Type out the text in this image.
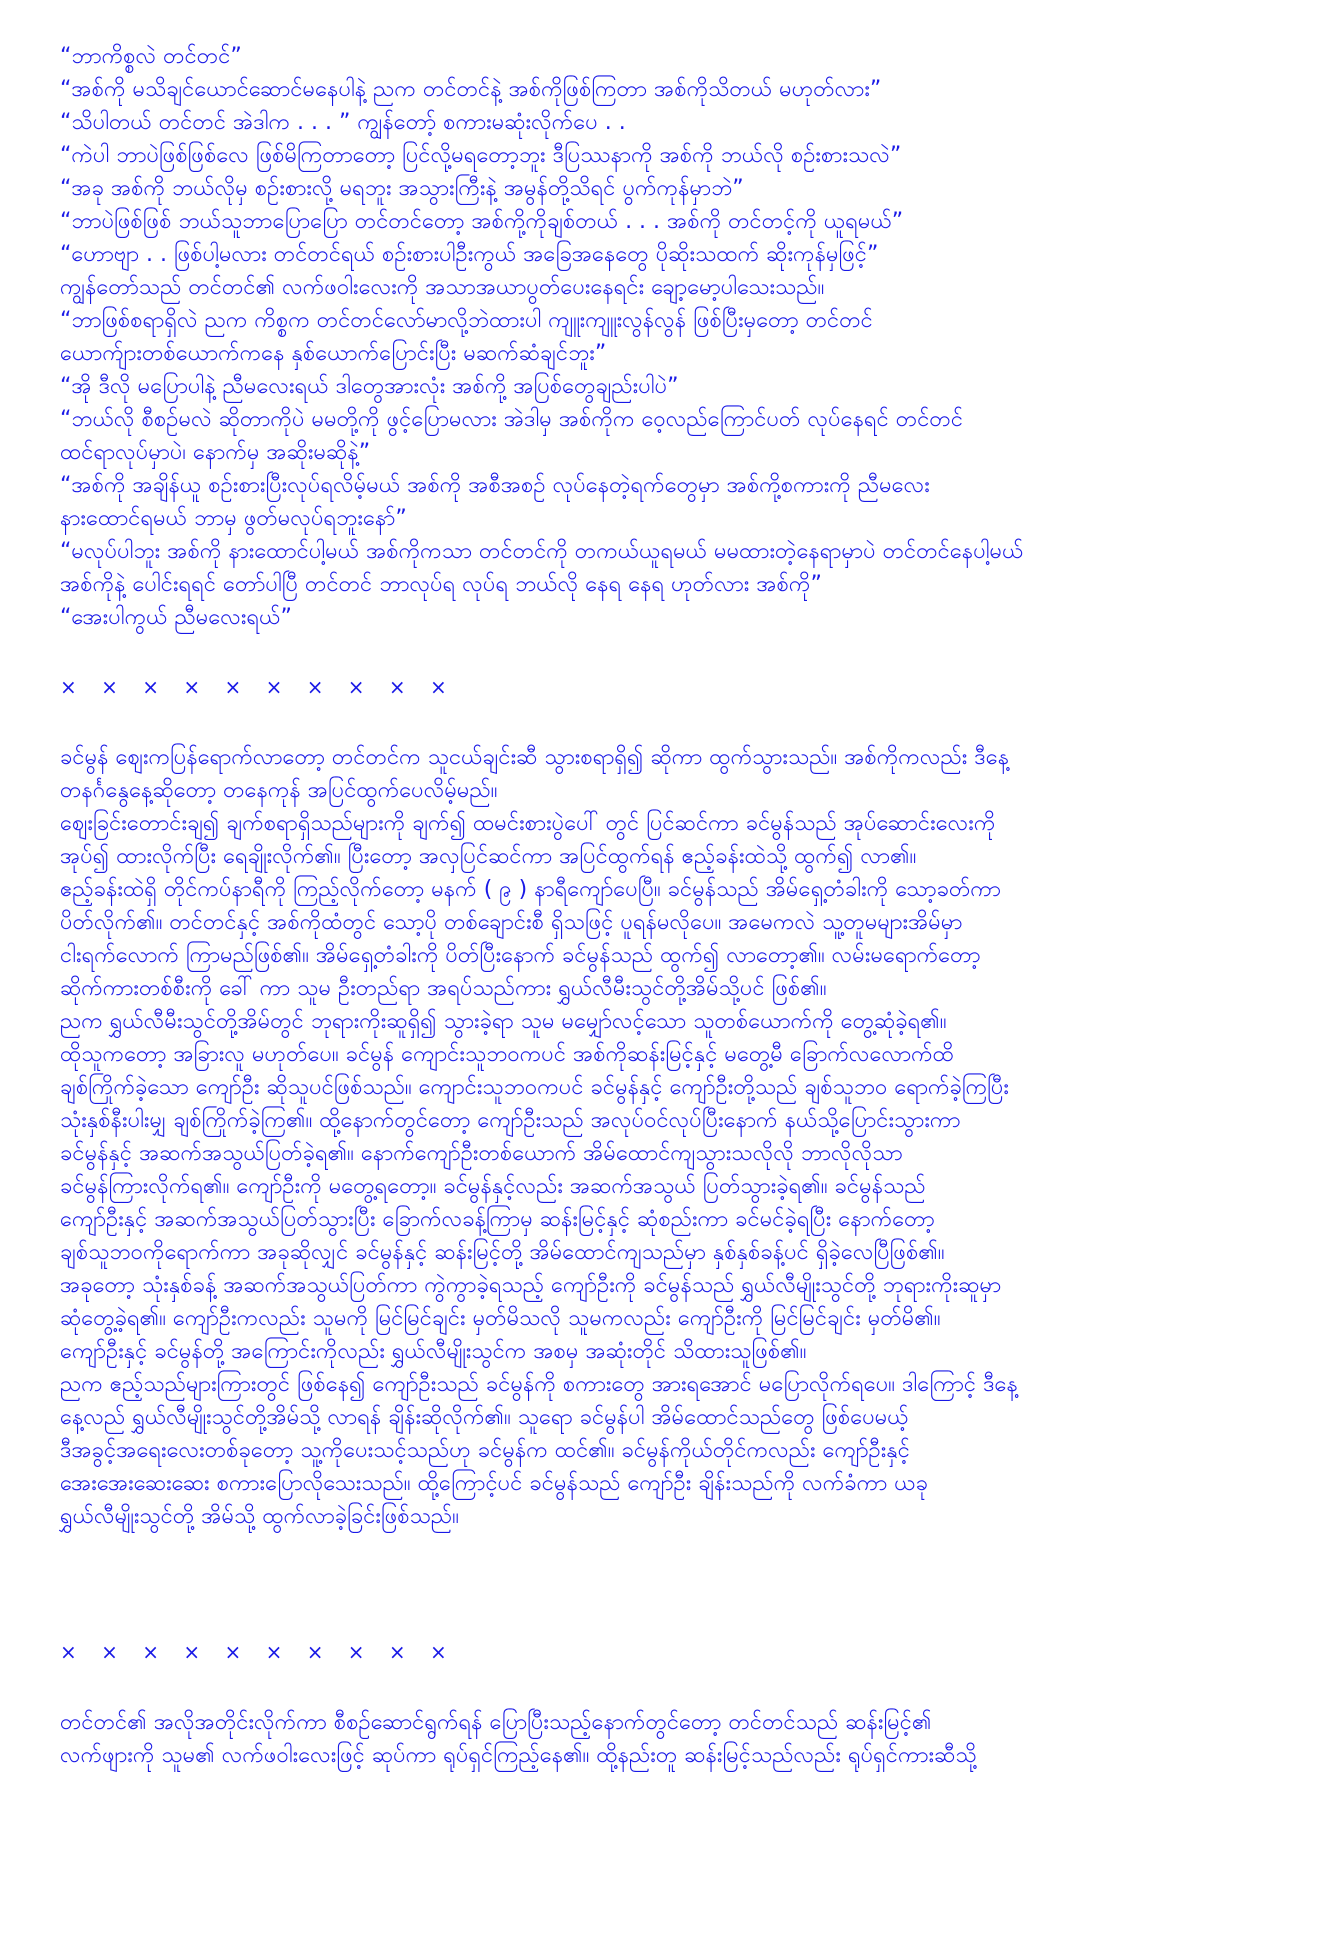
“ဘာကိစ္စလဲ တင်တင်”
“အစ်ကို မသိချင်ယောင်ဆောင်မနေပါနဲ့ ညက တင်တင်နဲ့ အစ်ကိုဖြစ်ကြတာ အစ်ကိုသိတယ် မဟုတ်လား”
“သိပါတယ် တင်တင် အဲဒါက . . . ” ကျွန်တော့် စကားမဆုံးလိုက်ပေ . .
“ကဲပါ ဘာပဲဖြစ်ဖြစ်လေ ဖြစ်မိကြတာတော့ ပြင်လို့မရတော့ဘူး ဒီပြဿနာကို အစ်ကို ဘယ်လို စဉ်းစားသလဲ”
“အခု အစ်ကို ဘယ်လိုမှ စဉ်းစားလို့ မရဘူး အသွားကြီးနဲ့ အမွန်တို့သိရင် ပွက်ကုန်မှာဘဲ”
“ဘာပဲဖြစ်ဖြစ် ဘယ်သူဘာပြောပြော တင်တင်တော့ အစ်ကို့ကိုချစ်တယ် . . . အစ်ကို တင်တင့်ကို ယူရမယ်”
“ဟောဗျာ . . ဖြစ်ပါ့မလား တင်တင်ရယ် စဉ်းစားပါဦးကွယ် အခြေအနေတွေ ပိုဆိုးသထက် ဆိုးကုန်မှဖြင့်”
ကျွန်တော်သည် တင်တင်၏ လက်ဖဝါးလေးကို အသာအယာပွတ်ပေးနေရင်း ချော့မော့ပါသေးသည်။
“ဘာဖြစ်စရာရှိလဲ ညက ကိစ္စက တင်တင်လော်မာလို့ဘဲထားပါ ကျူးကျူးလွန်လွန် ဖြစ်ပြီးမှတော့ တင်တင်
ယောက်ျားတစ်ယောက်ကနေ နှစ်ယောက်ပြောင်းပြီး မဆက်ဆံချင်ဘူး”
“အို ဒီလို မပြောပါနဲ့ ညီမလေးရယ် ဒါတွေအားလုံး အစ်ကို့ အပြစ်တွေချည်းပါပဲ”
“ဘယ်လို စီစဉ်မလဲ ဆိုတာကိုပဲ မမတို့ကို ဖွင့်ပြောမလား အဲဒါမှ အစ်ကိုက ဝေ့လည်ကြောင်ပတ် လုပ်နေရင် တင်တင်
ထင်ရာလုပ်မှာပဲ၊ နောက်မှ အဆိုးမဆိုနဲ့”
“အစ်ကို အချိန်ယူ စဉ်းစားပြီးလုပ်ရလိမ့်မယ် အစ်ကို အစီအစဉ် လုပ်နေတဲ့ရက်တွေမှာ အစ်ကို့စကားကို ညီမလေး
နားထောင်ရမယ် ဘာမှ ဖွတ်မလုပ်ရဘူးနော်”
“မလုပ်ပါဘူး အစ်ကို နားထောင်ပါ့မယ် အစ်ကိုကသာ တင်တင်ကို တကယ်ယူရမယ် မမထားတဲ့နေရာမှာပဲ တင်တင်နေပါ့မယ်
အစ်ကိုနဲ့ ပေါင်းရရင် တော်ပါပြီ တင်တင် ဘာလုပ်ရ လုပ်ရ ဘယ်လို နေရ နေရ ဟုတ်လား အစ်ကို”
“အေးပါကွယ် ညီမလေးရယ်”
× × × × × × × × × ×
ခင်မွန် ဈေးကပြန်ရောက်လာတော့ တင်တင်က သူငယ်ချင်းဆီ သွားစရာရှိ၍ ဆိုကာ ထွက်သွားသည်။ အစ်ကိုကလည်း ဒီနေ့
တနင်္ဂနွေနေ့ဆိုတော့ တနေကုန် အပြင်ထွက်ပေလိမ့်မည်။
ဈေးခြင်းတောင်းချ၍ ချက်စရာရှိသည်များကို ချက်၍ ထမင်းစားပွဲပေါ် တွင် ပြင်ဆင်ကာ ခင်မွန်သည် အုပ်ဆောင်းလေးကို
အုပ်၍ ထားလိုက်ပြီး ရေချိုးလိုက်၏။ ပြီးတော့ အလှပြင်ဆင်ကာ အပြင်ထွက်ရန် ဧည့်ခန်းထဲသို့ ထွက်၍ လာ၏။
ဧည့်ခန်းထဲရှိ တိုင်ကပ်နာရီကို ကြည့်လိုက်တော့ မနက် ( ၉ ) နာရီကျော်ပေပြီ။ ခင်မွန်သည် အိမ်ရှေ့တံခါးကို သော့ခတ်ကာ
ပိတ်လိုက်၏။ တင်တင်နှင့် အစ်ကိုထံတွင် သော့ပို တစ်ချောင်းစီ ရှိသဖြင့် ပူရန်မလိုပေ။ အမေကလဲ သူ့တူမများအိမ်မှာ
ငါးရက်လောက် ကြာမည်ဖြစ်၏။ အိမ်ရှေ့တံခါးကို ပိတ်ပြီးနောက် ခင်မွန်သည် ထွက်၍ လာတော့၏။ လမ်းမရောက်တော့
ဆိုက်ကားတစ်စီးကို ခေါ် ကာ သူမ ဦးတည်ရာ အရပ်သည်ကား ရွှယ်လီမီးသွင်တို့အိမ်သို့ပင် ဖြစ်၏။
ညက ရွှယ်လီမီးသွင်တို့အိမ်တွင် ဘုရားကိုးဆူရှိ၍ သွားခဲ့ရာ သူမ မမျှော်လင့်သော သူတစ်ယောက်ကို တွေ့ဆုံခဲ့ရ၏။
ထိုသူကတော့ အခြားလူ မဟုတ်ပေ။ ခင်မွန် ကျောင်းသူဘဝကပင် အစ်ကိုဆန်းမြင့်နှင့် မတွေ့မီ ခြောက်လလောက်ထိ
ချစ်ကြိုက်ခဲ့သော ကျော်ဦး ဆိုသူပင်ဖြစ်သည်။ ကျောင်းသူဘဝကပင် ခင်မွန်နှင့် ကျော်ဦးတို့သည် ချစ်သူဘဝ ရောက်ခဲ့ကြပြီး
သုံးနှစ်နီးပါးမျှ ချစ်ကြိုက်ခဲ့ကြ၏။ ထို့နောက်တွင်တော့ ကျော်ဦးသည် အလုပ်ဝင်လုပ်ပြီးနောက် နယ်သို့ပြောင်းသွားကာ
ခင်မွန်နှင့် အဆက်အသွယ်ပြတ်ခဲ့ရ၏။ နောက်ကျော်ဦးတစ်ယောက် အိမ်ထောင်ကျသွားသလိုလို ဘာလိုလိုသာ
ခင်မွန်ကြားလိုက်ရ၏။ ကျော်ဦးကို မတွေ့ရတော့။ ခင်မွန်နှင့်လည်း အဆက်အသွယ် ပြတ်သွားခဲ့ရ၏။ ခင်မွန်သည်
ကျော်ဦးနှင့် အဆက်အသွယ်ပြတ်သွားပြီး ခြောက်လခန့်ကြာမှ ဆန်းမြင့်နှင့် ဆုံစည်းကာ ခင်မင်ခဲ့ရပြီး နောက်တော့
ချစ်သူဘဝကိုရောက်ကာ အခုဆိုလျှင် ခင်မွန်နှင့် ဆန်းမြင့်တို့ အိမ်ထောင်ကျသည်မှာ နှစ်နှစ်ခန့်ပင် ရှိခဲ့လေပြီဖြစ်၏။
အခုတော့ သုံးနှစ်ခန့် အဆက်အသွယ်ပြတ်ကာ ကွဲကွာခဲ့ရသည့် ကျော်ဦးကို ခင်မွန်သည် ရွှယ်လီမျိုးသွင်တို့ ဘုရားကိုးဆူမှာ
ဆုံတွေ့ခဲ့ရ၏။ ကျော်ဦးကလည်း သူမကို မြင်မြင်ချင်း မှတ်မိသလို သူမကလည်း ကျော်ဦးကို မြင်မြင်ချင်း မှတ်မိ၏။
ကျော်ဦးနှင့် ခင်မွန်တို့ အကြောင်းကိုလည်း ရွှယ်လီမျိုးသွင်က အစမှ အဆုံးတိုင် သိထားသူဖြစ်၏။
ညက ဧည့်သည်များကြားတွင် ဖြစ်နေ၍ ကျော်ဦးသည် ခင်မွန်ကို စကားတွေ အားရအောင် မပြောလိုက်ရပေ။ ဒါကြောင့် ဒီနေ့
နေ့လည် ရွှယ်လီမျိုးသွင်တို့အိမ်သို့ လာရန် ချိန်းဆိုလိုက်၏။ သူရော ခင်မွန်ပါ အိမ်ထောင်သည်တွေ ဖြစ်ပေမယ့်
ဒီအခွင့်အရေးလေးတစ်ခုတော့ သူ့ကိုပေးသင့်သည်ဟု ခင်မွန်က ထင်၏။ ခင်မွန်ကိုယ်တိုင်ကလည်း ကျော်ဦးနှင့်
အေးအေးဆေးဆေး စကားပြောလိုသေးသည်။ ထို့ကြောင့်ပင် ခင်မွန်သည် ကျော်ဦး ချိန်းသည်ကို လက်ခံကာ ယခု
ရွှယ်လီမျိုးသွင်တို့ အိမ်သို့ ထွက်လာခဲ့ခြင်းဖြစ်သည်။
× × × × × × × × × ×
တင်တင်၏ အလိုအတိုင်းလိုက်ကာ စီစဉ်ဆောင်ရွက်ရန် ပြောပြီးသည့်နောက်တွင်တော့ တင်တင်သည် ဆန်းမြင့်၏
လက်ဖျားကို သူမ၏ လက်ဖဝါးလေးဖြင့် ဆုပ်ကာ ရုပ်ရှင်ကြည့်နေ၏။ ထို့နည်းတူ ဆန်းမြင့်သည်လည်း ရုပ်ရှင်ကားဆီသို့
